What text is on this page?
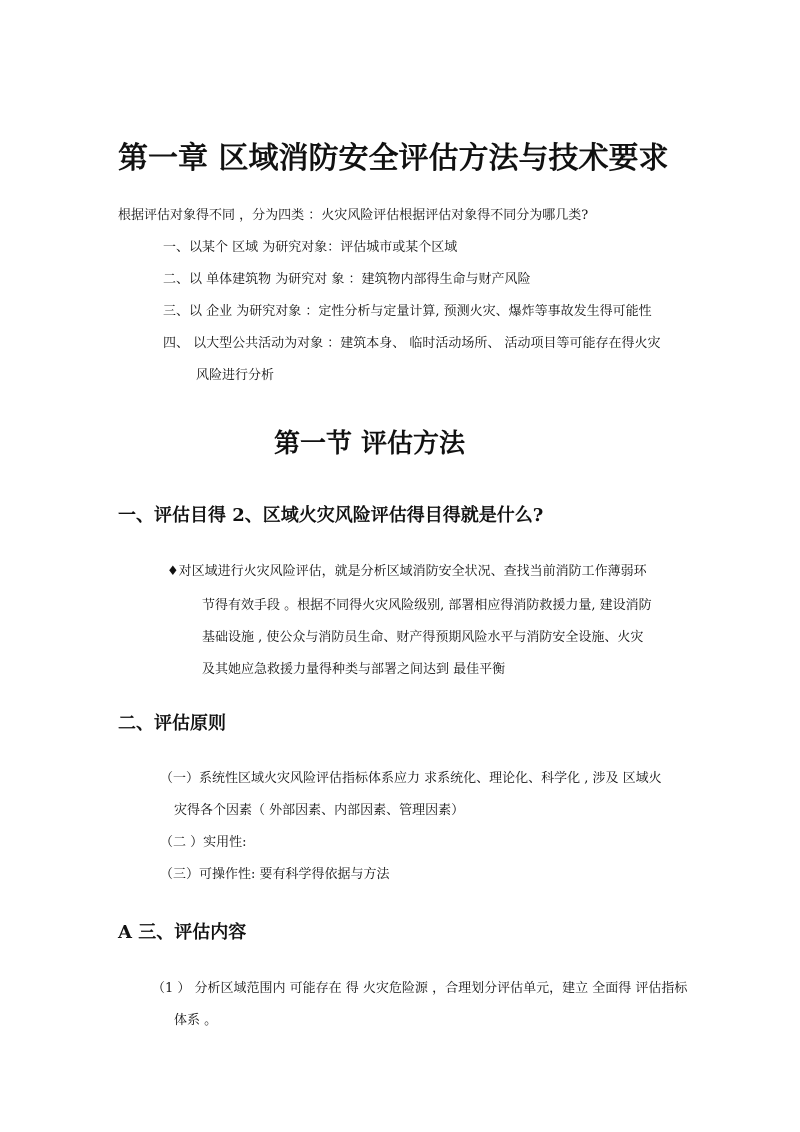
第一章 区域消防安全评估方法与技术要求

根据评估对象得不同 ，分为四类 ：火灾风险评估根据评估对象得不同分为哪几类?

一、以某个 区域 为研究对象：评估城市或某个区域

二、以 单体建筑物 为研究对 象 ：建筑物内部得生命与财产风险

三、以 企业 为研究对象 ：定性分析与定量计算, 预测火灾、爆炸等事故发生得可能性

四、 以大型公共活动为对象 ：建筑本身、 临时活动场所、 活动项目等可能存在得火灾

风险进行分析

第一节 评估方法
一、评估目得 2、区域火灾风险评估得目得就是什么?

♦对区域进行火灾风险评估，就是分析区域消防安全状况、查找当前消防工作薄弱环

节得有效手段 。根据不同得火灾风险级别, 部署相应得消防救援力量, 建设消防

基础设施 , 使公众与消防员生命、财产得预期风险水平与消防安全设施、火灾

及其她应急救援力量得种类与部署之间达到 最佳平衡

二、评估原则

（一）系统性区域火灾风险评估指标体系应力 求系统化、理论化、科学化 , 涉及 区域火

灾得各个因素（ 外部因素、内部因素、管理因素）

（二 ）实用性:

（三）可操作性: 要有科学得依据与方法

A 三、评估内容

（1 ） 分析区域范围内 可能存在 得 火灾危险源 ，合理划分评估单元，建立 全面得 评估指标

体系 。
